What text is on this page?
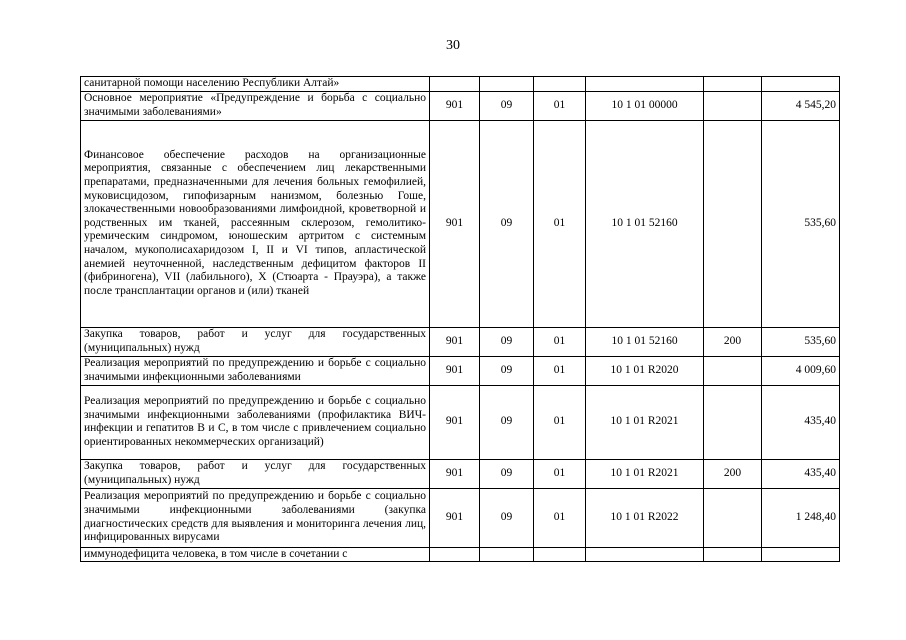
30
санитарной помощи населению Республики Алтай»						
Основное мероприятие «Предупреждение и борьба с социально значимыми заболеваниями»	901	09	01	10 1 01 00000		4 545,20
Финансовое обеспечение расходов на организационные мероприятия, связанные с обеспечением лиц лекарственными препаратами, предназначенными для лечения больных гемофилией, муковисцидозом, гипофизарным нанизмом, болезнью Гоше, злокачественными новообразованиями лимфоидной, кроветворной и родственных им тканей, рассеянным склерозом, гемолитико-уремическим синдромом, юношеским артритом с системным началом, мукополисахаридозом I, II и VI типов, апластической анемией неуточненной, наследственным дефицитом факторов II (фибриногена), VII (лабильного), X (Стюарта - Прауэра), а также после трансплантации органов и (или) тканей	901	09	01	10 1 01 52160		535,60
Закупка товаров, работ и услуг для государственных (муниципальных) нужд	901	09	01	10 1 01 52160	200	535,60
Реализация мероприятий по предупреждению и борьбе с социально значимыми инфекционными заболеваниями	901	09	01	10 1 01 R2020		4 009,60
Реализация мероприятий по предупреждению и борьбе с социально значимыми инфекционными заболеваниями (профилактика ВИЧ-инфекции и гепатитов B и C, в том числе с привлечением социально ориентированных некоммерческих организаций)	901	09	01	10 1 01 R2021		435,40
Закупка товаров, работ и услуг для государственных (муниципальных) нужд	901	09	01	10 1 01 R2021	200	435,40
Реализация мероприятий по предупреждению и борьбе с социально значимыми инфекционными заболеваниями (закупка диагностических средств для выявления и мониторинга лечения лиц, инфицированных вирусами	901	09	01	10 1 01 R2022		1 248,40
иммунодефицита человека, в том числе в сочетании с						
